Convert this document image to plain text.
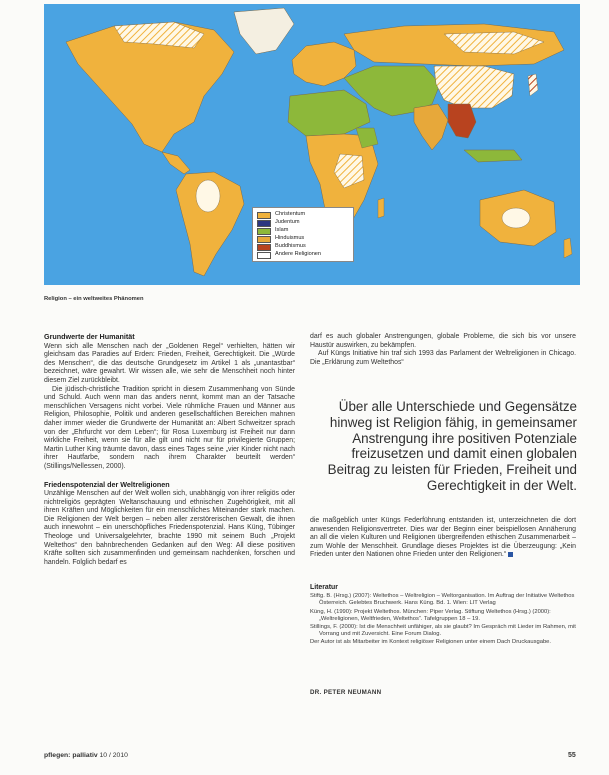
Christentum
Judentum
Islam
Hinduismus
Buddhismus
Andere Religionen
Religion – ein weltweites Phänomen
Grundwerte der Humanität

Wenn sich alle Menschen nach der „Goldenen Regel“ verhielten, hätten wir gleichsam das Paradies auf Erden: Frieden, Freiheit, Gerechtigkeit. Die „Würde des Menschen“, die das deutsche Grundgesetz im Artikel 1 als „unantastbar“ bezeichnet, wäre gewahrt. Wir wissen alle, wie sehr die Menschheit noch hinter diesem Ziel zurückbleibt.

Die jüdisch-christliche Tradition spricht in diesem Zusammenhang von Sünde und Schuld. Auch wenn man das anders nennt, kommt man an der Tatsache menschlichen Versagens nicht vorbei. Viele rühmliche Frauen und Männer aus Religion, Philosophie, Politik und anderen gesellschaftlichen Bereichen mahnen daher immer wieder die Grundwerte der Humanität an: Albert Schweitzer sprach von der „Ehrfurcht vor dem Leben“; für Rosa Luxemburg ist Freiheit nur dann wirkliche Freiheit, wenn sie für alle gilt und nicht nur für privilegierte Gruppen; Martin Luther King träumte davon, dass eines Tages seine „vier Kinder nicht nach ihrer Hautfarbe, sondern nach ihrem Charakter beurteilt werden“ (Stillings/Nellessen, 2000).

Friedenspotenzial der Weltreligionen

Unzählige Menschen auf der Welt wollen sich, unabhängig von ihrer religiös oder nichtreligiös geprägten Weltanschauung und ethnischen Zugehörigkeit, mit all ihren Kräften und Möglichkeiten für ein menschliches Miteinander stark machen. Die Religionen der Welt bergen – neben aller zerstörerischen Gewalt, die ihnen auch innewohnt – ein unerschöpfliches Friedenspotenzial. Hans Küng, Tübinger Theologe und Universalgelehrter, brachte 1990 mit seinem Buch „Projekt Weltethos“ den bahnbrechenden Gedanken auf den Weg: All diese positiven Kräfte sollten sich zusammenfinden und gemeinsam nachdenken, forschen und handeln. Folglich bedarf es

darf es auch globaler Anstrengungen, globale Probleme, die sich bis vor unsere Haustür auswirken, zu bekämpfen.

Auf Küngs Initiative hin traf sich 1993 das Parlament der Weltreligionen in Chicago. Die „Erklärung zum Weltethos“

Über alle Unterschiede und Gegensätze hinweg ist Religion fähig, in gemeinsamer Anstrengung ihre positiven Potenziale freizusetzen und damit einen globalen Beitrag zu leisten für Frieden, Freiheit und Gerechtigkeit in der Welt.
die maßgeblich unter Küngs Federführung entstanden ist, unterzeichneten die dort anwesenden Religionsvertreter. Dies war der Beginn einer beispiellosen Annäherung an all die vielen Kulturen und Religionen übergreifenden ethischen Zusammenarbeit – zum Wohle der Menschheit. Grundlage dieses Projektes ist die Überzeugung: „Kein Frieden unter den Nationen ohne Frieden unter den Religionen.“
Literatur

Stiftg. B. (Hrsg.) (2007): Weltethos – Weltreligion – Weltorganisation. Im Auftrag der Initiative Weltethos Österreich. Gelebtes Bruchwerk. Hans Küng. Bd. 1. Wien: LIT Verlag

Küng, H. (1990): Projekt Weltethos. München: Piper Verlag. Stiftung Weltethos (Hrsg.) (2000): „Weltreligionen, Weltfrieden, Weltethos“. Tafelgruppen 18 – 19.

Stillings, F. (2000): Ist die Menschheit unfähiger, als sie glaubt? Im Gespräch mit Lieder im Rahmen, mit Vorrang und mit Zuversicht. Eine Forum Dialog.

Der Autor ist als Mitarbeiter im Kontext religiöser Religionen unter einem Dach Druckausgabe.

DR. PETER NEUMANN
pflegen: palliativ 10 / 2010	55
